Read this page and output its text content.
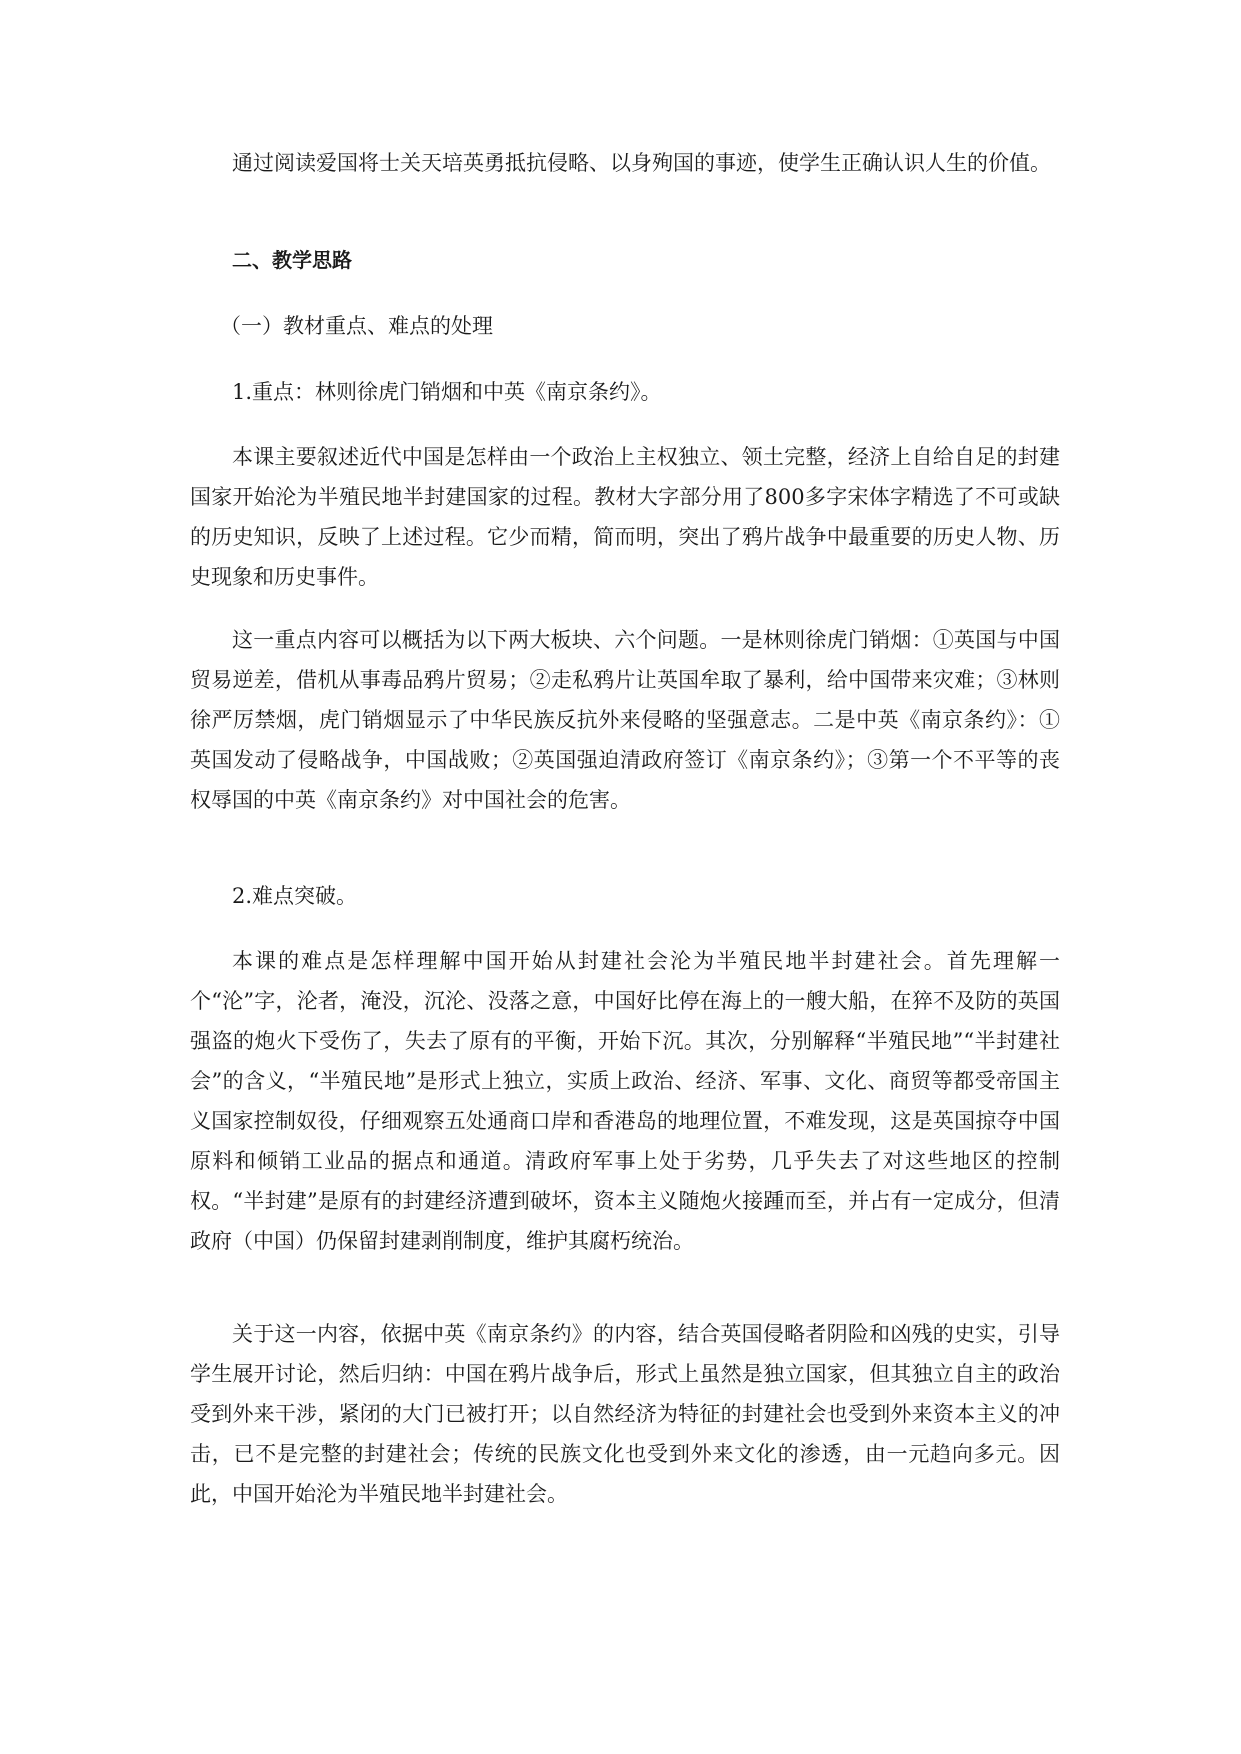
通过阅读爱国将士关天培英勇抵抗侵略、以身殉国的事迹，使学生正确认识人生的价值。

二、教学思路

（一）教材重点、难点的处理

1.重点：林则徐虎门销烟和中英《南京条约》。

本课主要叙述近代中国是怎样由一个政治上主权独立、领土完整，经济上自给自足的封建国家开始沦为半殖民地半封建国家的过程。教材大字部分用了800多字宋体字精选了不可或缺的历史知识，反映了上述过程。它少而精，简而明，突出了鸦片战争中最重要的历史人物、历史现象和历史事件。

这一重点内容可以概括为以下两大板块、六个问题。一是林则徐虎门销烟：①英国与中国贸易逆差，借机从事毒品鸦片贸易；②走私鸦片让英国牟取了暴利，给中国带来灾难；③林则徐严厉禁烟，虎门销烟显示了中华民族反抗外来侵略的坚强意志。二是中英《南京条约》：①英国发动了侵略战争，中国战败；②英国强迫清政府签订《南京条约》；③第一个不平等的丧权辱国的中英《南京条约》对中国社会的危害。

2.难点突破。

本课的难点是怎样理解中国开始从封建社会沦为半殖民地半封建社会。首先理解一个“沦”字，沦者，淹没，沉沦、没落之意，中国好比停在海上的一艘大船，在猝不及防的英国强盗的炮火下受伤了，失去了原有的平衡，开始下沉。其次，分别解释“半殖民地”“半封建社会”的含义，“半殖民地”是形式上独立，实质上政治、经济、军事、文化、商贸等都受帝国主义国家控制奴役，仔细观察五处通商口岸和香港岛的地理位置，不难发现，这是英国掠夺中国原料和倾销工业品的据点和通道。清政府军事上处于劣势，几乎失去了对这些地区的控制权。“半封建”是原有的封建经济遭到破坏，资本主义随炮火接踵而至，并占有一定成分，但清政府（中国）仍保留封建剥削制度，维护其腐朽统治。

关于这一内容，依据中英《南京条约》的内容，结合英国侵略者阴险和凶残的史实，引导学生展开讨论，然后归纳：中国在鸦片战争后，形式上虽然是独立国家，但其独立自主的政治受到外来干涉，紧闭的大门已被打开；以自然经济为特征的封建社会也受到外来资本主义的冲击，已不是完整的封建社会；传统的民族文化也受到外来文化的渗透，由一元趋向多元。因此，中国开始沦为半殖民地半封建社会。
